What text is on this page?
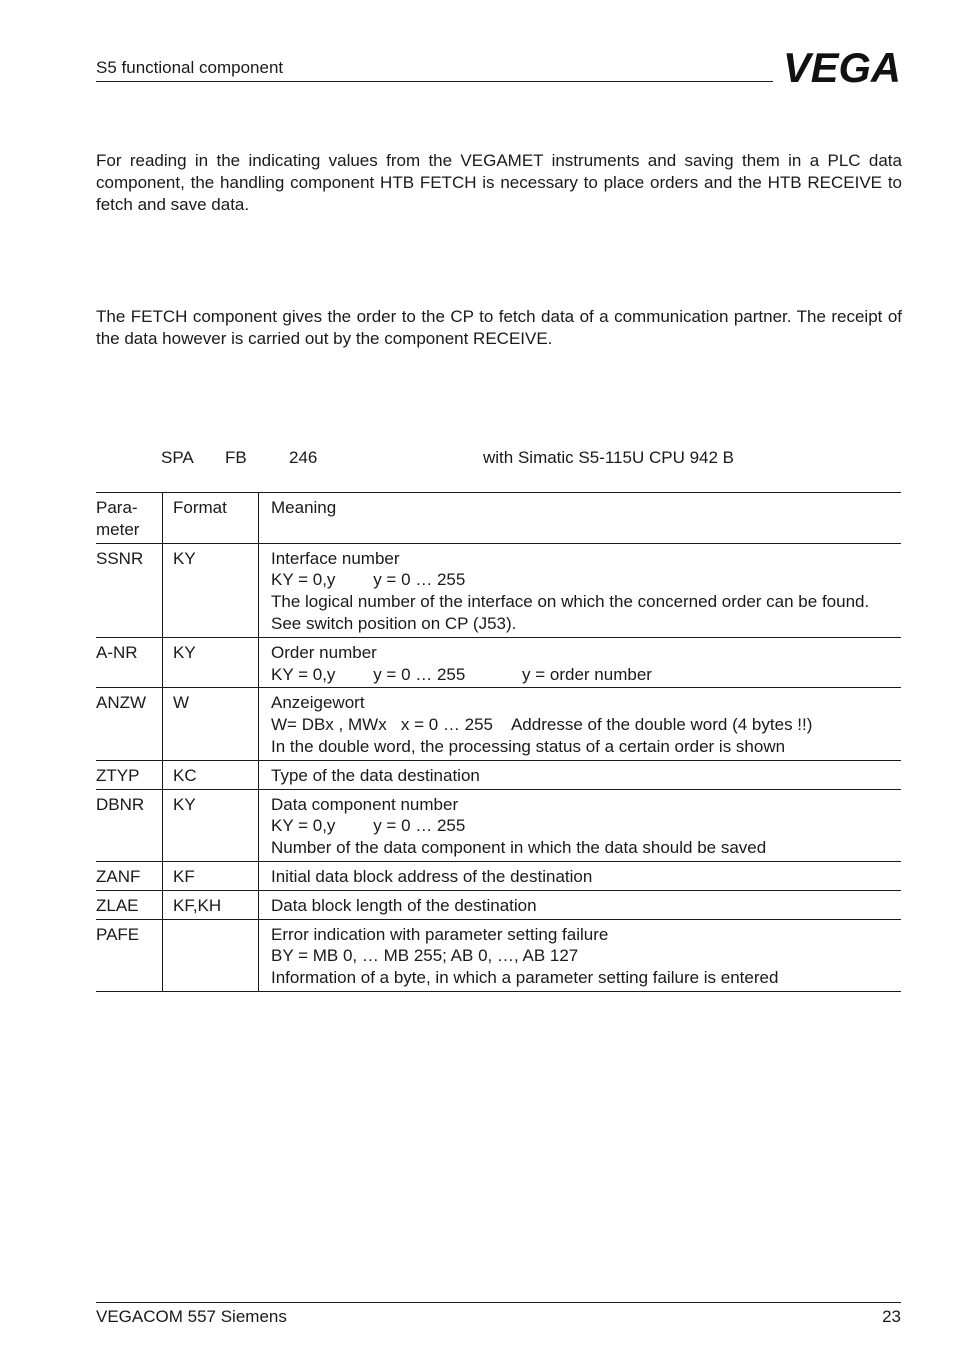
S5 functional component	VEGA

For reading in the indicating values from the VEGAMET instruments and saving them in a PLC data component, the handling component HTB FETCH is necessary to place orders and the HTB RECEIVE to fetch and save data.

The FETCH component gives the order to the CP to fetch data of a communication partner. The receipt of the data however is carried out by the component RECEIVE.

SPA FB 246	with Simatic S5-115U CPU 942 B
Para-
meter	Format	Meaning
SSNR	KY	Interface number
KY = 0,y        y = 0 … 255
The logical number of the interface on which the concerned order can be found.
See switch position on CP (J53).

A-NR	KY	Order number
KY = 0,y        y = 0 … 255            y = order number

ANZW	W	Anzeigewort
W= DBx , MWx   x = 0 … 255    Addresse of the double word (4 bytes !!)
In the double word, the processing status of a certain order is shown

ZTYP	KC	Type of the data destination

DBNR	KY	Data component number
KY = 0,y        y = 0 … 255
Number of the data component in which the data should be saved

ZANF	KF	Initial data block address of the destination

ZLAE	KF,KH	Data block length of the destination

PAFE		Error indication with parameter setting failure
BY = MB 0, … MB 255; AB 0, …, AB 127
Information of a byte, in which a parameter setting failure is entered
VEGACOM 557 Siemens	23
